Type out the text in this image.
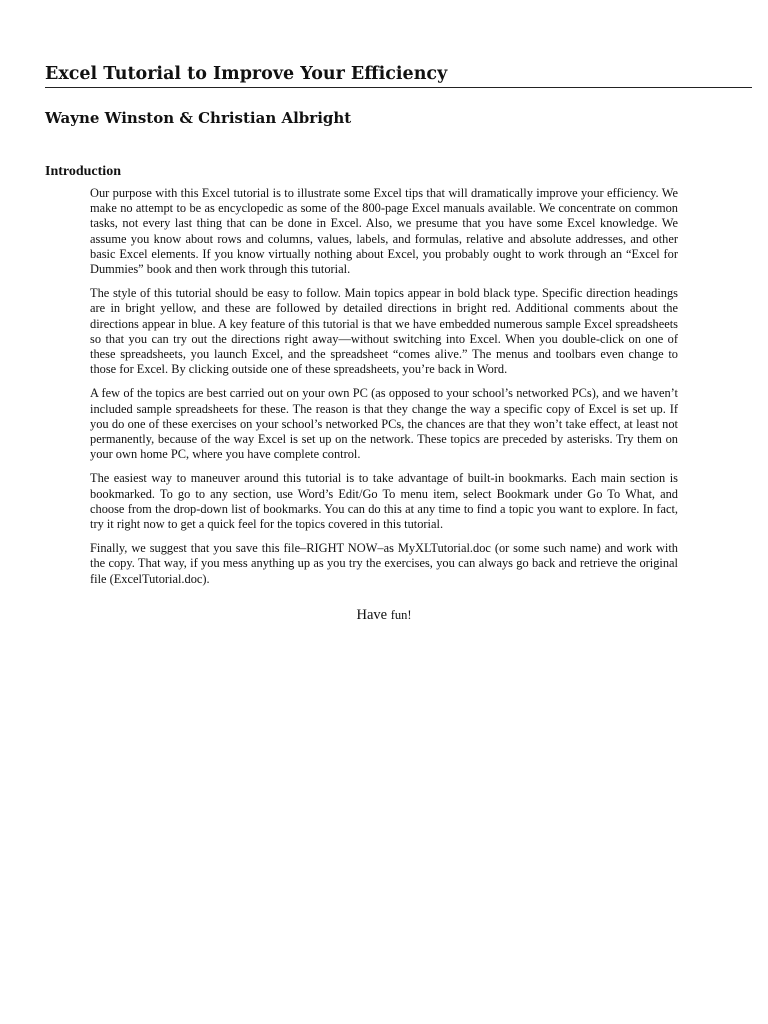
Excel Tutorial to Improve Your Efficiency
Wayne Winston & Christian Albright
Introduction

Our purpose with this Excel tutorial is to illustrate some Excel tips that will dramatically improve your efficiency. We make no attempt to be as encyclopedic as some of the 800-page Excel manuals available. We concentrate on common tasks, not every last thing that can be done in Excel. Also, we presume that you have some Excel knowledge. We assume you know about rows and columns, values, labels, and formulas, relative and absolute addresses, and other basic Excel elements. If you know virtually nothing about Excel, you probably ought to work through an “Excel for Dummies” book and then work through this tutorial.

The style of this tutorial should be easy to follow. Main topics appear in bold black type. Specific direction headings are in bright yellow, and these are followed by detailed directions in bright red. Additional comments about the directions appear in blue. A key feature of this tutorial is that we have embedded numerous sample Excel spreadsheets so that you can try out the directions right away—without switching into Excel. When you double-click on one of these spreadsheets, you launch Excel, and the spreadsheet “comes alive.” The menus and toolbars even change to those for Excel. By clicking outside one of these spreadsheets, you’re back in Word.

A few of the topics are best carried out on your own PC (as opposed to your school’s networked PCs), and we haven’t included sample spreadsheets for these. The reason is that they change the way a specific copy of Excel is set up. If you do one of these exercises on your school’s networked PCs, the chances are that they won’t take effect, at least not permanently, because of the way Excel is set up on the network. These topics are preceded by asterisks. Try them on your own home PC, where you have complete control.

The easiest way to maneuver around this tutorial is to take advantage of built-in bookmarks. Each main section is bookmarked. To go to any section, use Word’s Edit/Go To menu item, select Bookmark under Go To What, and choose from the drop-down list of bookmarks. You can do this at any time to find a topic you want to explore. In fact, try it right now to get a quick feel for the topics covered in this tutorial.

Finally, we suggest that you save this file–RIGHT NOW–as MyXLTutorial.doc (or some such name) and work with the copy. That way, if you mess anything up as you try the exercises, you can always go back and retrieve the original file (ExcelTutorial.doc).

Have fun!
